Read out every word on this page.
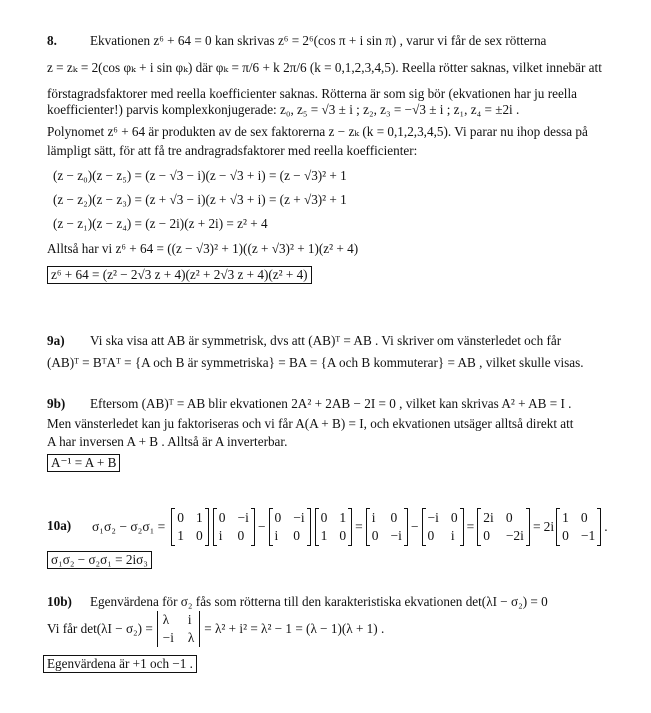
8.	Ekvationen z⁶ + 64 = 0 kan skrivas z⁶ = 2⁶(cos π + i sin π) , varur vi får de sex rötterna
z = zₖ = 2(cos φₖ + i sin φₖ) där φₖ = π/6 + k 2π/6 (k = 0,1,2,3,4,5). Reella rötter saknas, vilket innebär att
förstagradsfaktorer med reella koefficienter saknas. Rötterna är som sig bör (ekvationen har ju reella
koefficienter!) parvis komplexkonjugerade: z₀, z₅ = √3 ± i ; z₂, z₃ = −√3 ± i ; z₁, z₄ = ±2i .
Polynomet z⁶ + 64 är produkten av de sex faktorerna z − zₖ (k = 0,1,2,3,4,5). Vi parar nu ihop dessa på
lämpligt sätt, för att få tre andragradsfaktorer med reella koefficienter:
(z − z₀)(z − z₅) = (z − √3 − i)(z − √3 + i) = (z − √3)² + 1
(z − z₂)(z − z₃) = (z + √3 − i)(z + √3 + i) = (z + √3)² + 1
(z − z₁)(z − z₄) = (z − 2i)(z + 2i) = z² + 4
Alltså har vi z⁶ + 64 = ((z − √3)² + 1)((z + √3)² + 1)(z² + 4)
z⁶ + 64 = (z² − 2√3 z + 4)(z² + 2√3 z + 4)(z² + 4)
9a) Vi ska visa att AB är symmetrisk, dvs att (AB)ᵀ = AB . Vi skriver om vänsterledet och får
(AB)ᵀ = BᵀAᵀ = {A och B är symmetriska} = BA = {A och B kommuterar} = AB , vilket skulle visas.
9b) Eftersom (AB)ᵀ = AB blir ekvationen 2A² + 2AB − 2I = 0 , vilket kan skrivas A² + AB = I .
Men vänsterledet kan ju faktoriseras och vi får A(A + B) = I, och ekvationen utsäger alltså direkt att
A har inversen A + B . Alltså är A inverterbar.
A⁻¹ = A + B
10a) σ₁σ₂ − σ₂σ₁ =
0 1
1 0
0 −i
i 0
−
0 −i
i 0
0 1
1 0
=
i 0
0 −i
−
−i 0
0	i
=
2i 0
0 −2i
= 2i
1 0
0 −1
.
σ₁σ₂ − σ₂σ₁ = 2iσ₃
10b) Egenvärdena för σ₂ fås som rötterna till den karakteristiska ekvationen det(λI − σ₂) = 0
Vi får det(λI − σ₂) =
λ	i
−i λ
= λ² + i² = λ² − 1 = (λ − 1)(λ + 1) .
Egenvärdena är +1 och −1 .
